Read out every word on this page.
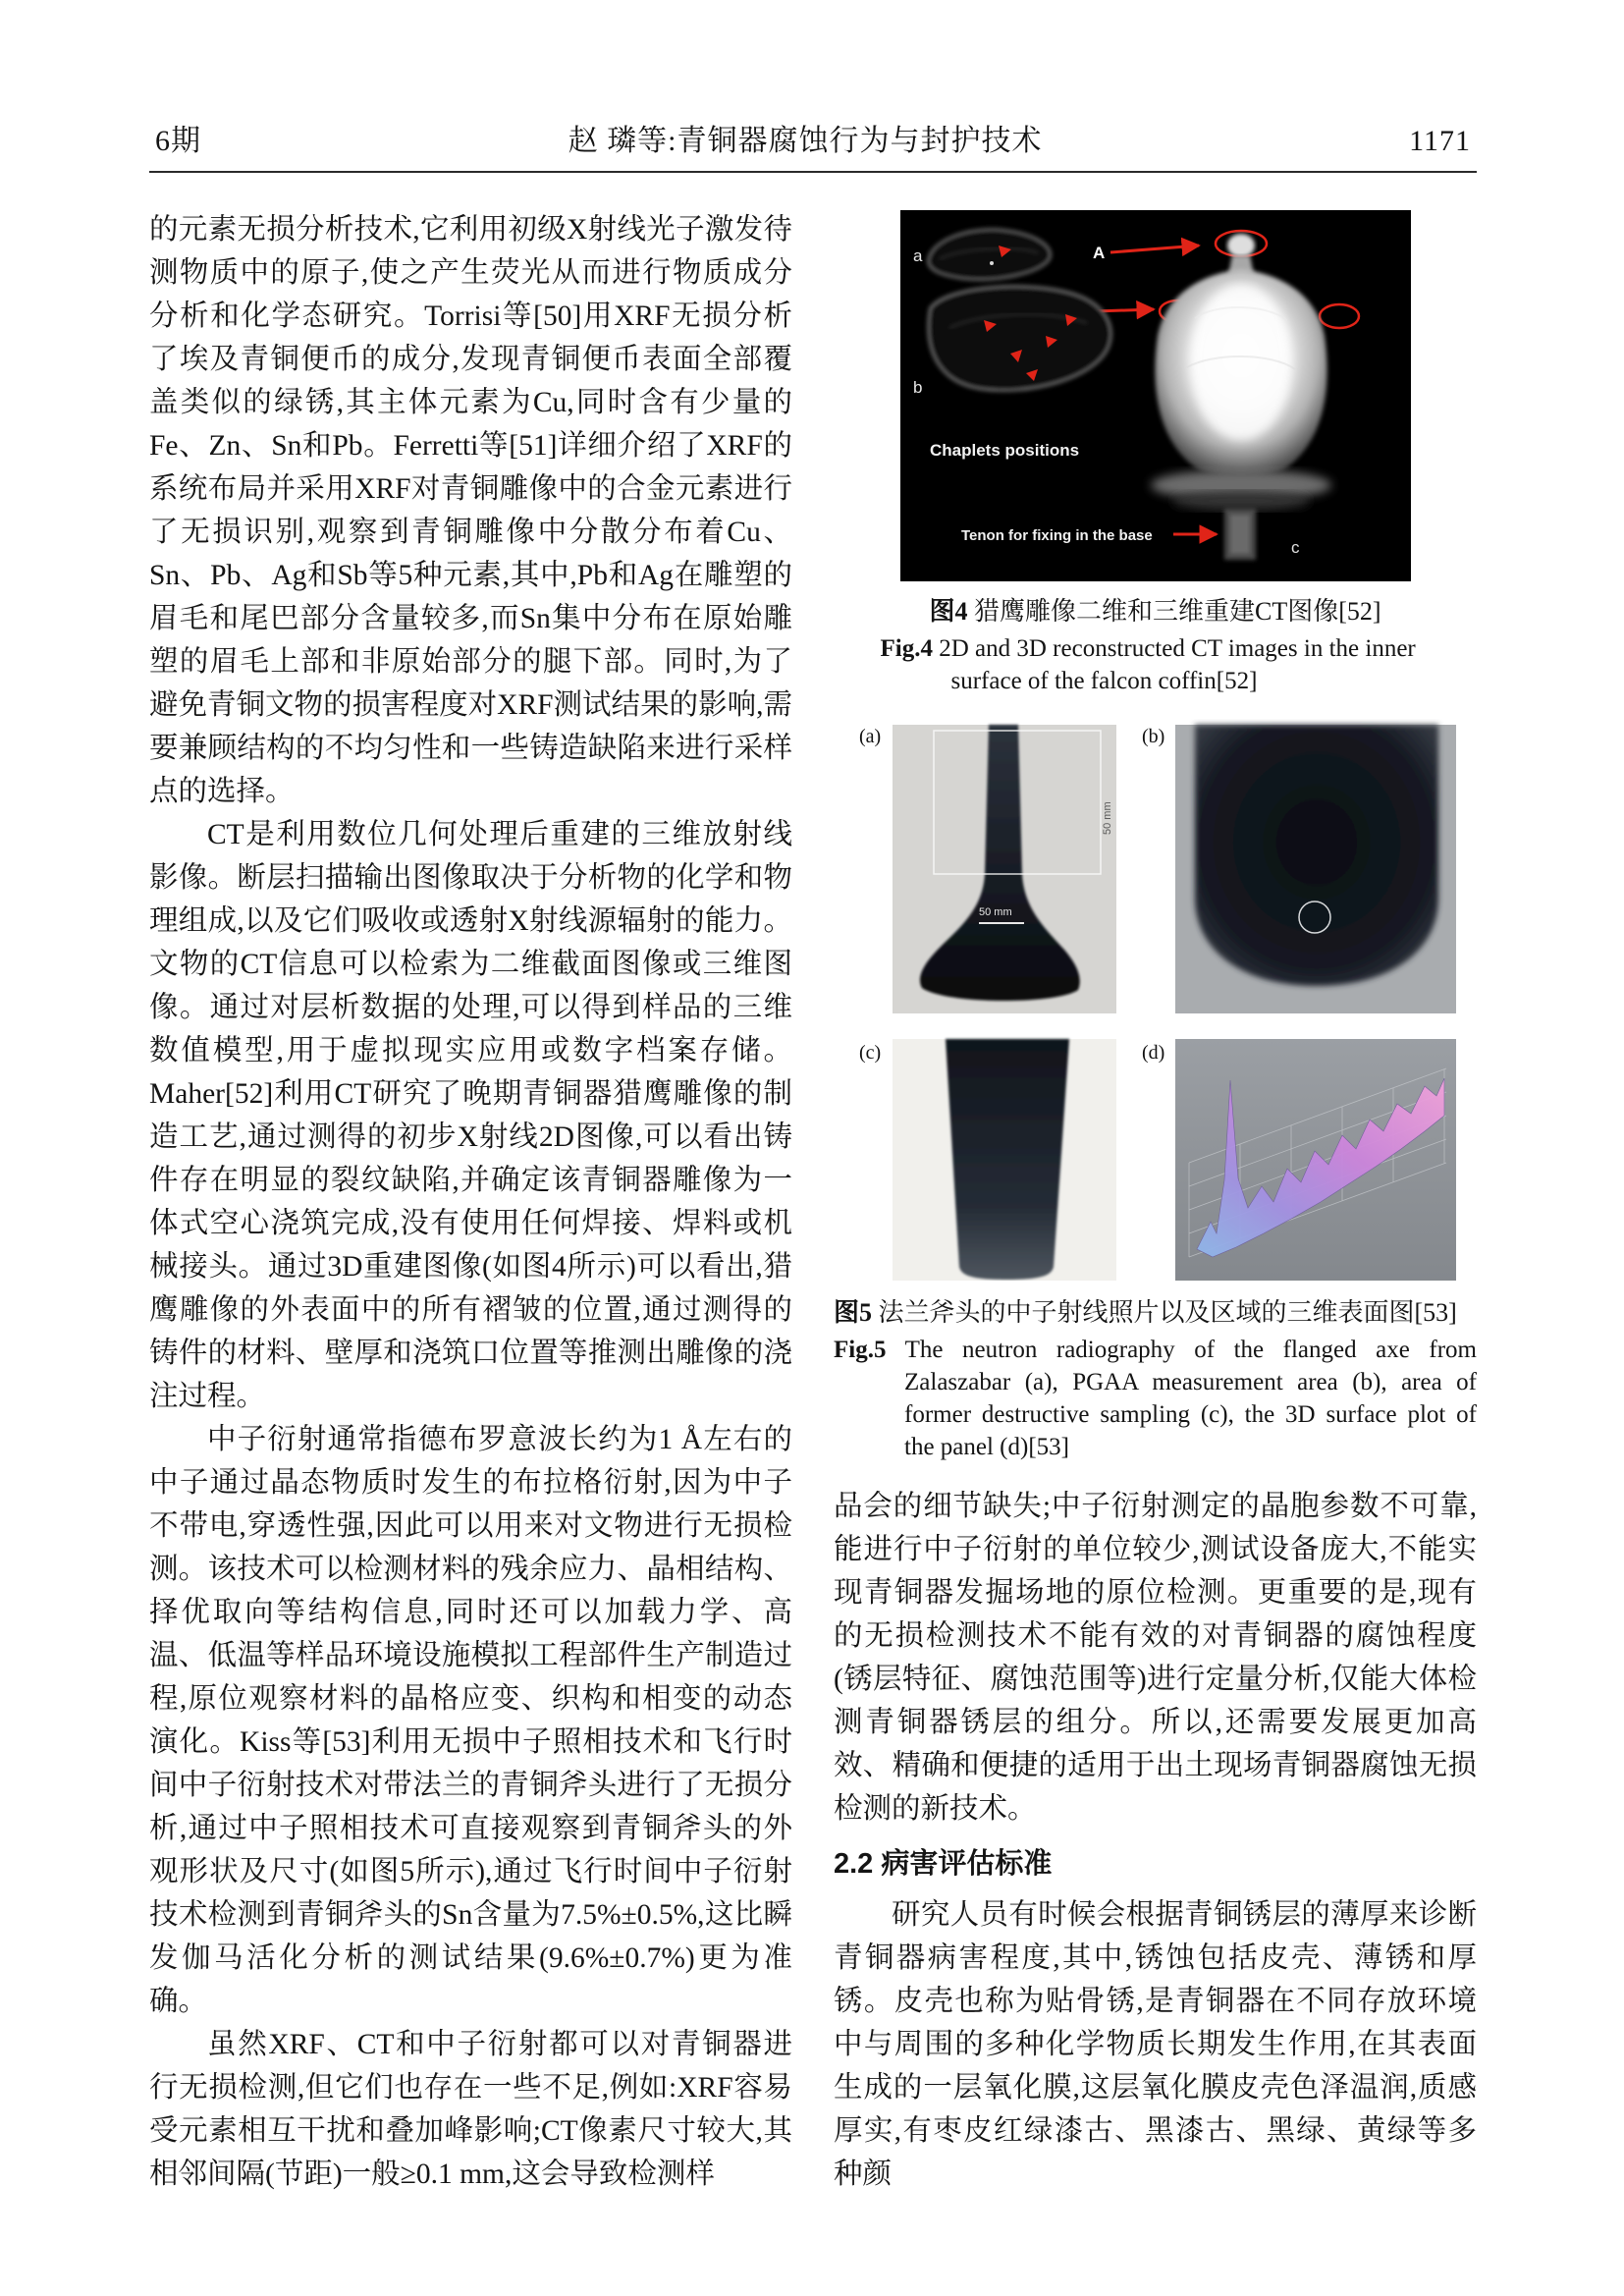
6期	赵 璘等:青铜器腐蚀行为与封护技术	1171

的元素无损分析技术,它利用初级X射线光子激发待测物质中的原子,使之产生荧光从而进行物质成分分析和化学态研究。Torrisi等[50]用XRF无损分析了埃及青铜便币的成分,发现青铜便币表面全部覆盖类似的绿锈,其主体元素为Cu,同时含有少量的Fe、Zn、Sn和Pb。Ferretti等[51]详细介绍了XRF的系统布局并采用XRF对青铜雕像中的合金元素进行了无损识别,观察到青铜雕像中分散分布着Cu、Sn、Pb、Ag和Sb等5种元素,其中,Pb和Ag在雕塑的眉毛和尾巴部分含量较多,而Sn集中分布在原始雕塑的眉毛上部和非原始部分的腿下部。同时,为了避免青铜文物的损害程度对XRF测试结果的影响,需要兼顾结构的不均匀性和一些铸造缺陷来进行采样点的选择。

CT是利用数位几何处理后重建的三维放射线影像。断层扫描输出图像取决于分析物的化学和物理组成,以及它们吸收或透射X射线源辐射的能力。文物的CT信息可以检索为二维截面图像或三维图像。通过对层析数据的处理,可以得到样品的三维数值模型,用于虚拟现实应用或数字档案存储。Maher[52]利用CT研究了晚期青铜器猎鹰雕像的制造工艺,通过测得的初步X射线2D图像,可以看出铸件存在明显的裂纹缺陷,并确定该青铜器雕像为一体式空心浇筑完成,没有使用任何焊接、焊料或机械接头。通过3D重建图像(如图4所示)可以看出,猎鹰雕像的外表面中的所有褶皱的位置,通过测得的铸件的材料、壁厚和浇筑口位置等推测出雕像的浇注过程。

中子衍射通常指德布罗意波长约为1 Å左右的中子通过晶态物质时发生的布拉格衍射,因为中子不带电,穿透性强,因此可以用来对文物进行无损检测。该技术可以检测材料的残余应力、晶相结构、择优取向等结构信息,同时还可以加载力学、高温、低温等样品环境设施模拟工程部件生产制造过程,原位观察材料的晶格应变、织构和相变的动态演化。Kiss等[53]利用无损中子照相技术和飞行时间中子衍射技术对带法兰的青铜斧头进行了无损分析,通过中子照相技术可直接观察到青铜斧头的外观形状及尺寸(如图5所示),通过飞行时间中子衍射技术检测到青铜斧头的Sn含量为7.5%±0.5%,这比瞬发伽马活化分析的测试结果(9.6%±0.7%)更为准确。

虽然XRF、CT和中子衍射都可以对青铜器进行无损检测,但它们也存在一些不足,例如:XRF容易受元素相互干扰和叠加峰影响;CT像素尺寸较大,其相邻间隔(节距)一般≥0.1 mm,这会导致检测样

a	A
b
Chaplets positions
Tenon for fixing in the base
c
图4 猎鹰雕像二维和三维重建CT图像[52]
Fig.4 2D and 3D reconstructed CT images in the inner surface of the falcon coffin[52]
(a)
50 mm
50 mm
(b)
(c)	(d)
图5 法兰斧头的中子射线照片以及区域的三维表面图[53]
Fig.5 The neutron radiography of the flanged axe from Zalaszabar (a), PGAA measurement area (b), area of former destructive sampling (c), the 3D surface plot of the panel (d)[53]

品会的细节缺失;中子衍射测定的晶胞参数不可靠,能进行中子衍射的单位较少,测试设备庞大,不能实现青铜器发掘场地的原位检测。更重要的是,现有的无损检测技术不能有效的对青铜器的腐蚀程度(锈层特征、腐蚀范围等)进行定量分析,仅能大体检测青铜器锈层的组分。所以,还需要发展更加高效、精确和便捷的适用于出土现场青铜器腐蚀无损检测的新技术。

2.2 病害评估标准

研究人员有时候会根据青铜锈层的薄厚来诊断青铜器病害程度,其中,锈蚀包括皮壳、薄锈和厚锈。皮壳也称为贴骨锈,是青铜器在不同存放环境中与周围的多种化学物质长期发生作用,在其表面生成的一层氧化膜,这层氧化膜皮壳色泽温润,质感厚实,有枣皮红绿漆古、黑漆古、黑绿、黄绿等多种颜
